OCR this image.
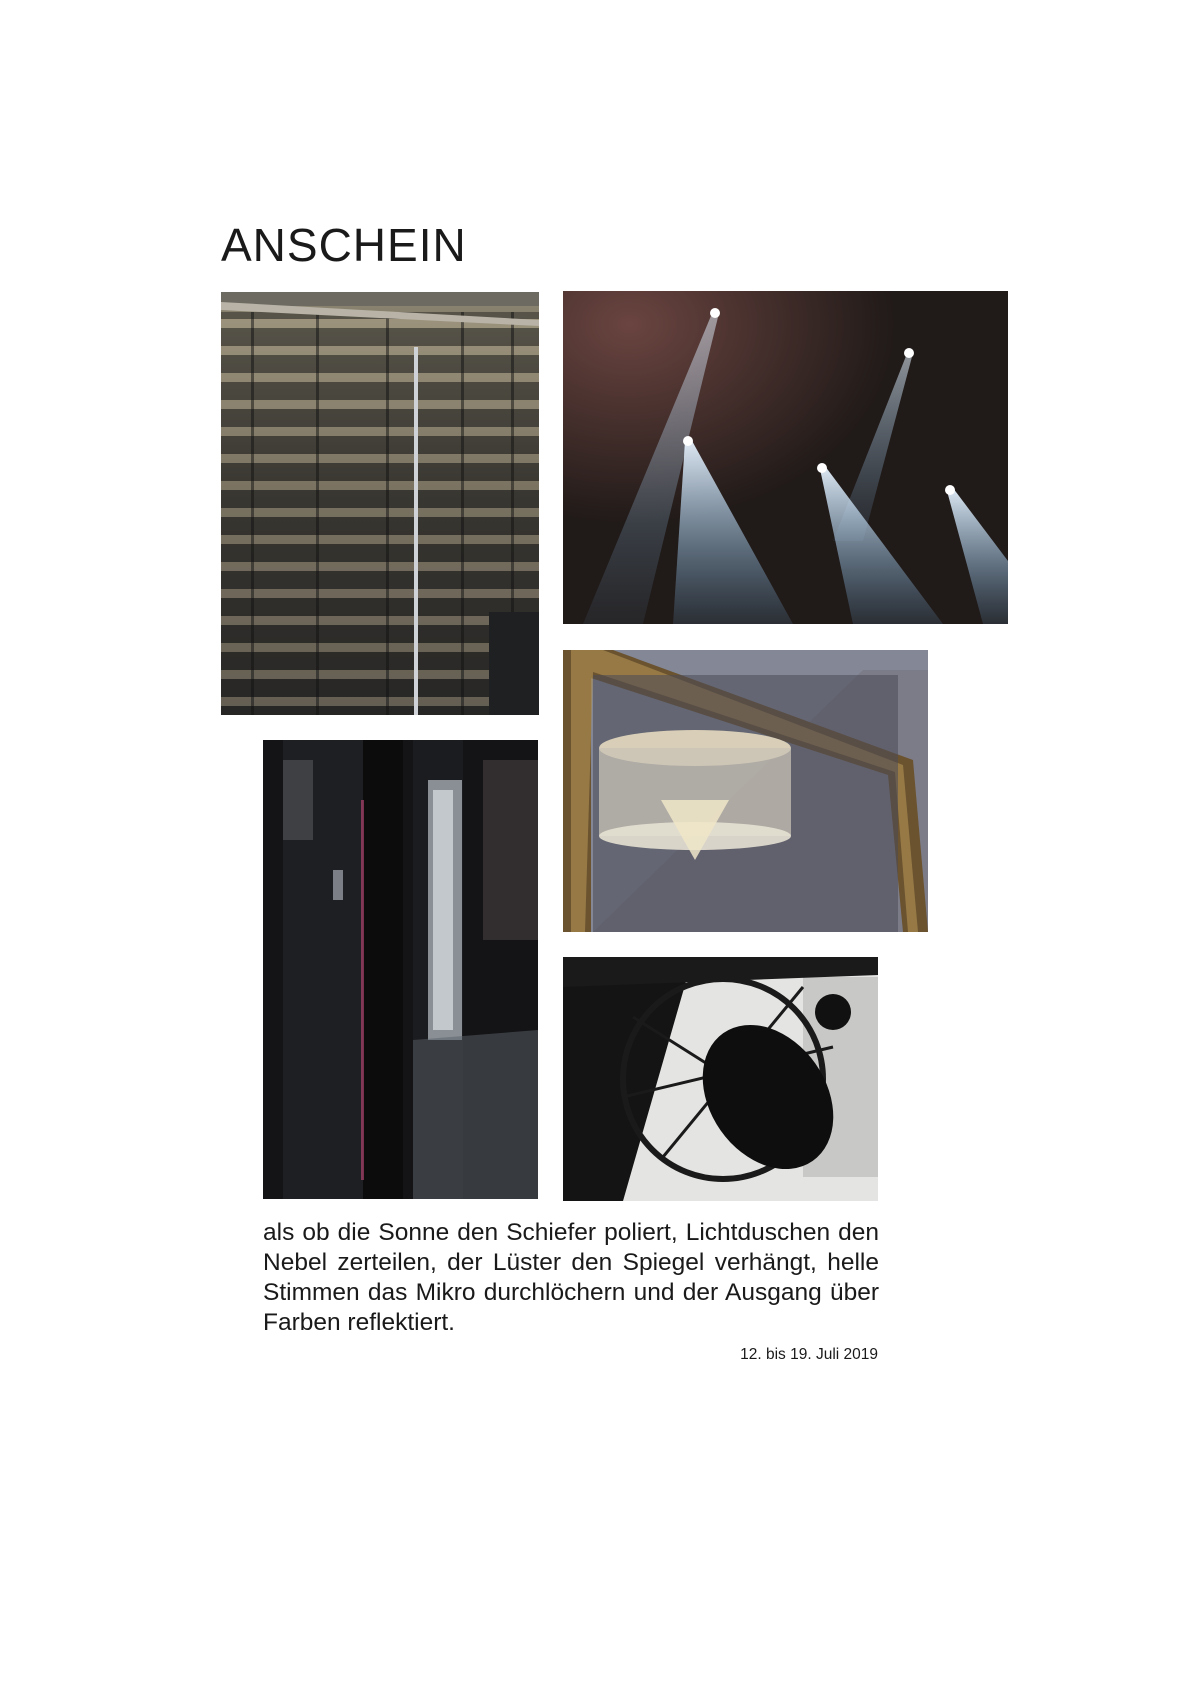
ANSCHEIN
als ob die Sonne den Schiefer poliert, Lichtduschen den Nebel zerteilen, der Lüster den Spiegel verhängt, helle Stimmen das Mikro durchlöchern und der Ausgang über Farben reflektiert.
12. bis 19. Juli 2019
